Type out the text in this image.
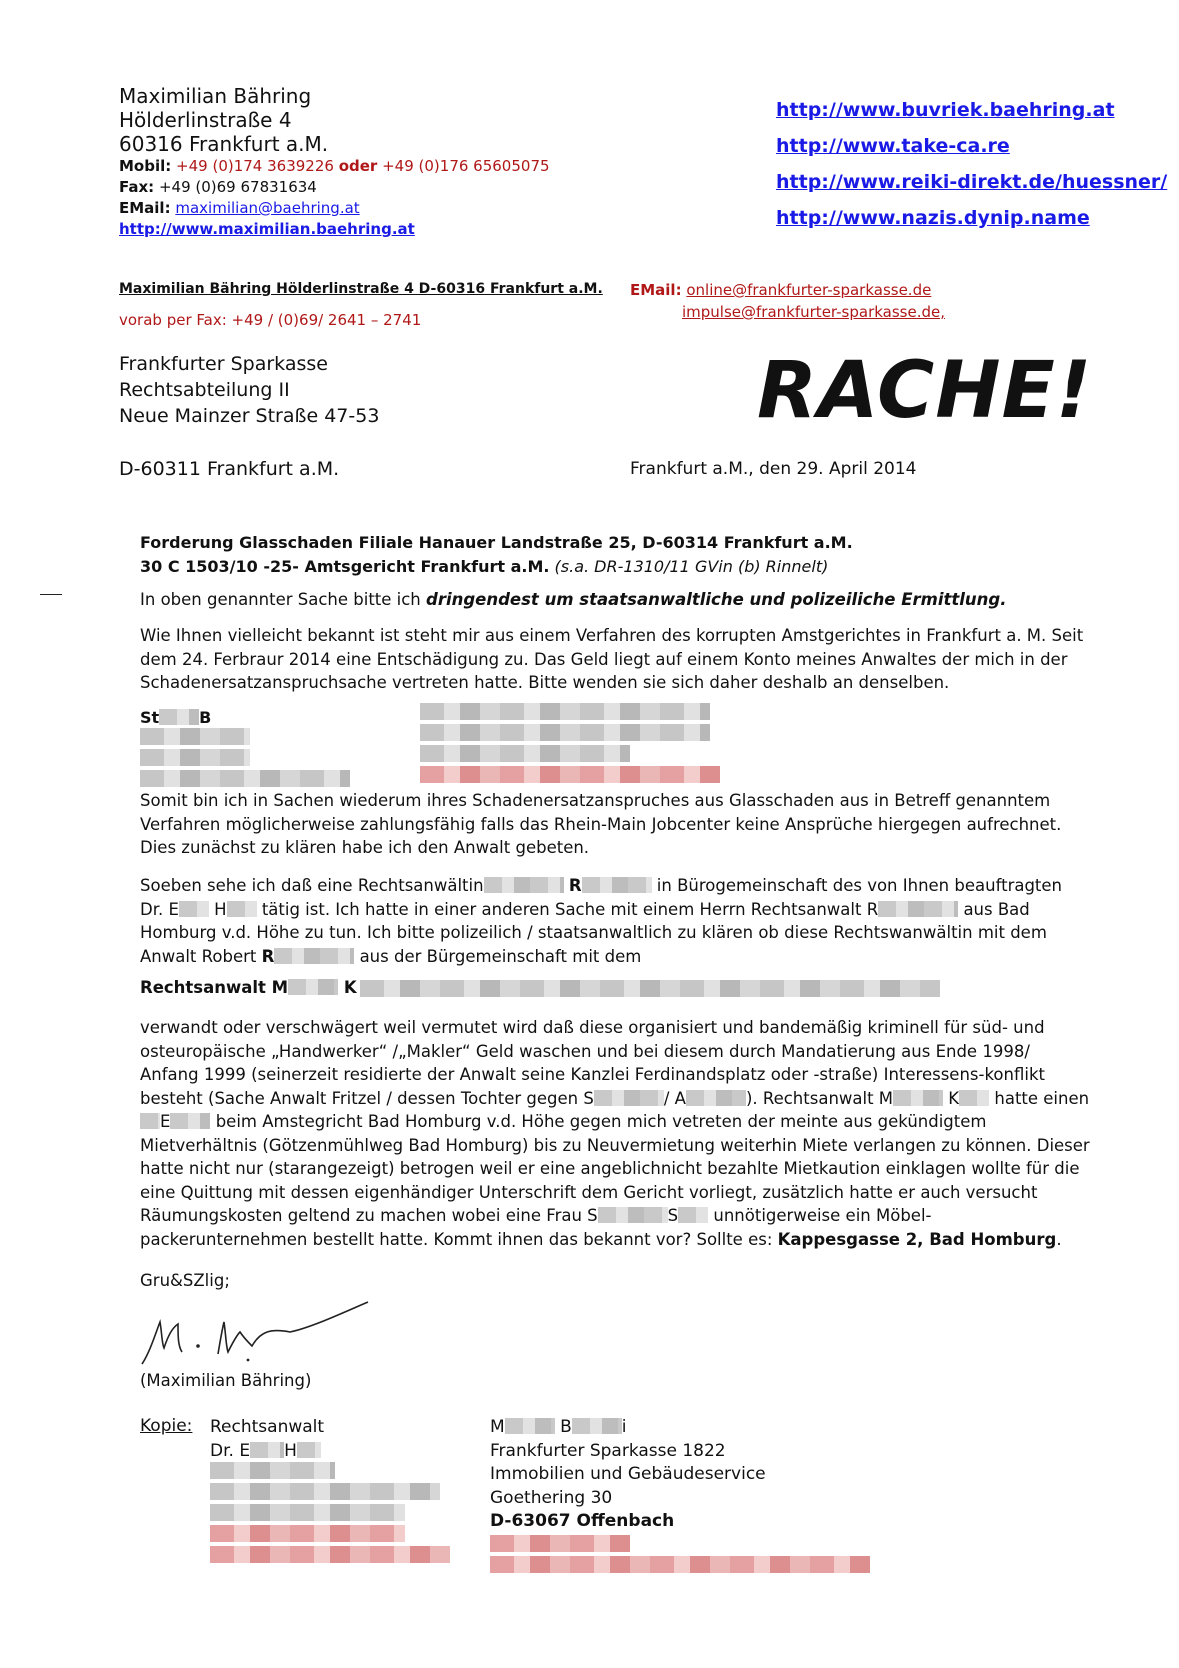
Maximilian Bähring
Hölderlinstraße 4
60316 Frankfurt a.M.
Mobil: +49 (0)174 3639226 oder +49 (0)176 65605075
Fax: +49 (0)69 67831634
EMail: maximilian@baehring.at
http://www.maximilian.baehring.at
http://www.buvriek.baehring.at
http://www.take-ca.re
http://www.reiki-direkt.de/huessner/
http://www.nazis.dynip.name
Maximilian Bähring Hölderlinstraße 4 D-60316 Frankfurt a.M.
vorab per Fax: +49 / (0)69/ 2641 – 2741
EMail: online@frankfurter-sparkasse.de
impulse@frankfurter-sparkasse.de,
Frankfurter Sparkasse
Rechtsabteilung II
Neue Mainzer Straße 47-53
D-60311 Frankfurt a.M.
RACHE!
Frankfurt a.M., den 29. April 2014
Forderung Glasschaden Filiale Hanauer Landstraße 25, D-60314 Frankfurt a.M.
30 C 1503/10 -25- Amtsgericht Frankfurt a.M. (s.a. DR-1310/11 GVin (b) Rinnelt)
In oben genannter Sache bitte ich dringendest um staatsanwaltliche und polizeiliche Ermittlung.
Wie Ihnen vielleicht bekannt ist steht mir aus einem Verfahren des korrupten Amstgerichtes in Frankfurt a. M. Seit dem 24. Ferbraur 2014 eine Entschädigung zu. Das Geld liegt auf einem Konto meines Anwaltes der mich in der Schadenersatzanspruchsache vertreten hatte. Bitte wenden sie sich daher deshalb an denselben.
St	B
Somit bin ich in Sachen wiederum ihres Schadenersatzanspruches aus Glasschaden aus in Betreff genanntem Verfahren möglicherweise zahlungsfähig falls das Rhein-Main Jobcenter keine Ansprüche hiergegen aufrechnet. Dies zunächst zu klären habe ich den Anwalt gebeten.
Soeben sehe ich daß eine Rechtsanwältin	R	in Bürogemeinschaft des von Ihnen beauftragten Dr. E H tätig ist. Ich hatte in einer anderen Sache mit einem Herrn Rechtsanwalt R	aus Bad Homburg v.d. Höhe zu tun. Ich bitte polizeilich / staatsanwaltlich zu klären ob diese Rechtswanwältin mit dem Anwalt Robert R	aus der Bürgemeinschaft mit dem
Rechtsanwalt M	K
verwandt oder verschwägert weil vermutet wird daß diese organisiert und bandemäßig kriminell für süd- und osteuropäische „Handwerker“ /„Makler“ Geld waschen und bei diesem durch Mandatierung aus Ende 1998/ Anfang 1999 (seinerzeit residierte der Anwalt seine Kanzlei Ferdinandsplatz oder -straße) Interessens-konflikt besteht (Sache Anwalt Fritzel / dessen Tochter gegen S	/ A	). Rechtsanwalt M	K hatte einen E	beim Amstegricht Bad Homburg v.d. Höhe gegen mich vetreten der meinte aus gekündigtem Mietverhältnis (Götzenmühlweg Bad Homburg) bis zu Neuvermietung weiterhin Miete verlangen zu können. Dieser hatte nicht nur (starangezeigt) betrogen weil er eine angeblichnicht bezahlte Mietkaution einklagen wollte für die eine Quittung mit dessen eigenhändiger Unterschrift dem Gericht vorliegt, zusätzlich hatte er auch versucht Räumungskosten geltend zu machen wobei eine Frau S	S unnötigerweise ein Möbel-packerunternehmen bestellt hatte. Kommt ihnen das bekannt vor? Sollte es: Kappesgasse 2, Bad Homburg.
Gru&SZlig;
(Maximilian Bähring)
Kopie: Rechtsanwalt
Dr. E H
M	B	i
Frankfurter Sparkasse 1822
Immobilien und Gebäudeservice
Goethering 30
D-63067 Offenbach
